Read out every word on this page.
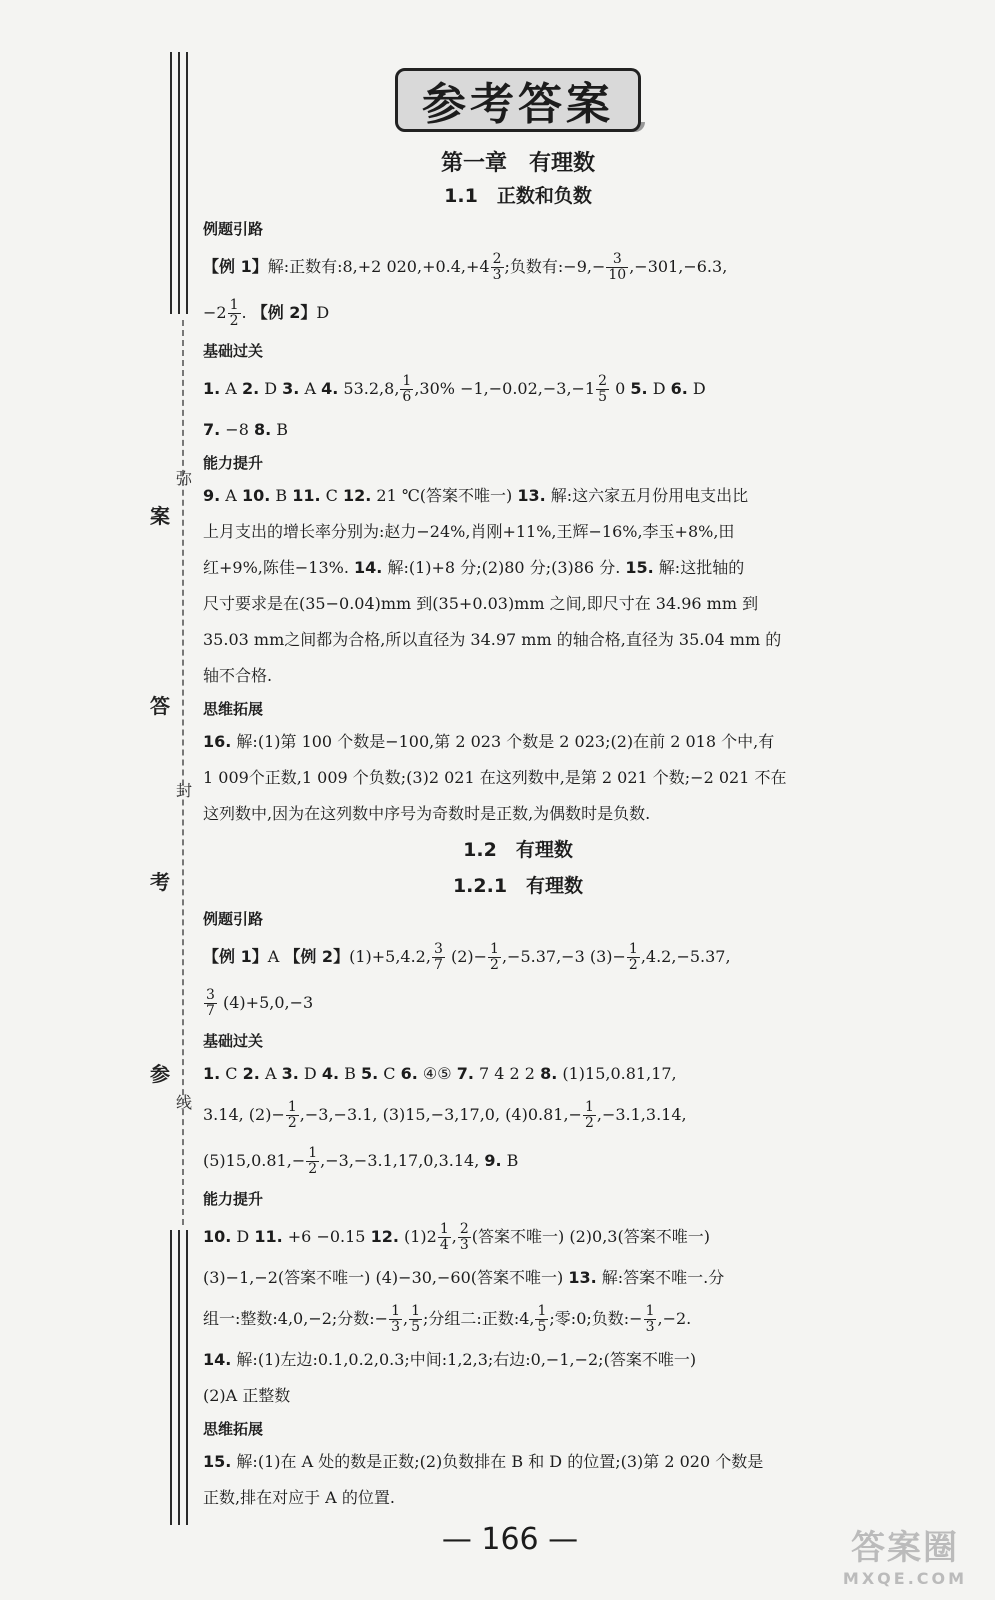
弥
案
答
封
考
参
线
参考答案
第一章　有理数
1.1　正数和负数
例题引路
【例 1】解:正数有:8,+2 $020,+0.4,+4 \frac{2}{3}$ ;负数有:−9,− $\frac{3}{10} ,-301,-6.3$,
$-2 \frac{1}{2}$ . 【例 2】D
基础过关
1. A 2. D 3. A 4. 53.2,8, $\frac{1}{6} ,30\% -1,-0.02,-3,-1 \frac{2}{5} 0$ 5. D 6. D
7. −8 8. B
能力提升
9. A 10. B 11. C 12. 21 ℃(答案不唯一) 13. 解:这六家五月份用电支出比
上月支出的增长率分别为:赵力−24%,肖刚+11%,王辉−16%,李玉+8%,田
红+9%,陈佳−13%. 14. 解:(1)+8 分;(2)80 分;(3)86 分. 15. 解:这批轴的
尺寸要求是在(35−0.04)mm 到(35+0.03)mm 之间,即尺寸在 34.96 mm 到
35.03 mm之间都为合格,所以直径为 34.97 mm 的轴合格,直径为 35.04 mm 的
轴不合格.
思维拓展
16. 解:(1)第 100 个数是−100,第 2 023 个数是 2 023;(2)在前 2 018 个中,有
1 009个正数,1 009 个负数;(3)2 021 在这列数中,是第 2 021 个数;−2 021 不在
这列数中,因为在这列数中序号为奇数时是正数,为偶数时是负数.
1.2　有理数
1.2.1　有理数
例题引路
【例 1】A 【例 2】(1)+5,4.2, $\frac{3}{7} (2)- \frac{1}{2} ,-5.37,-3$ $(3)- \frac{1}{2} ,4.2,-5.37$,
$\frac{3}{7} (4)+5,0,-3$
基础过关
1. C 2. A 3. D 4. B 5. C 6. ④⑤ 7. 7 4 2 2 8. (1)15,0.81,17,
3.14, $(2)- \frac{1}{2} ,-3,-3.1$, (3)15,−3,17,0, $(4)0.81,- \frac{1}{2} ,-3.1,3.14$,
$(5)15,0.81,- \frac{1}{2} ,-3,-3.1,17,0,3.14$, 9. B
能力提升
10. D 11. +6 −0.15 12. $(1)2 \frac{1}{4}$ , $\frac{2}{3}$ (答案不唯一) (2)0,3(答案不唯一)
(3)−1,−2(答案不唯一) (4)−30,−60(答案不唯一) 13. 解:答案不唯一.分
组一:整数:4,0,−2;分数:− $\frac{1}{3}$ , $\frac{1}{5}$ ;分组二:正数:4, $\frac{1}{5}$ ;零:0;负数:− $\frac{1}{3} ,-2$.
14. 解:(1)左边:0.1,0.2,0.3;中间:1,2,3;右边:0,−1,−2;(答案不唯一)
(2)A 正整数
思维拓展
15. 解:(1)在 A 处的数是正数;(2)负数排在 B 和 D 的位置;(3)第 2 020 个数是
正数,排在对应于 A 的位置.
— 166 —	答案圈
MXQE.COM
